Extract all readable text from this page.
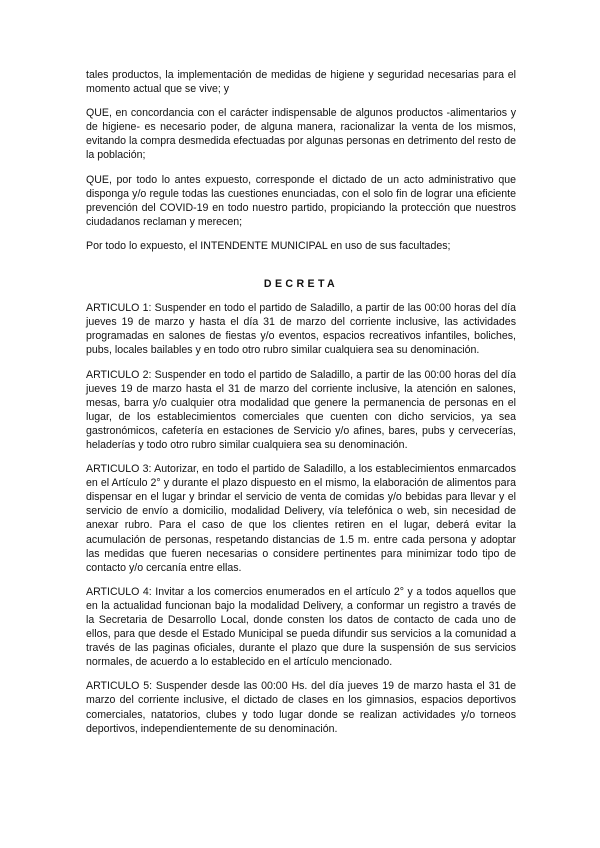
tales productos, la implementación de medidas de higiene y seguridad necesarias para el momento actual que se vive; y

QUE, en concordancia con el carácter indispensable de algunos productos -alimentarios y de higiene- es necesario poder, de alguna manera, racionalizar la venta de los mismos, evitando la compra desmedida efectuadas por algunas personas en detrimento del resto de la población;

QUE, por todo lo antes expuesto, corresponde el dictado de un acto administrativo que disponga y/o regule todas las cuestiones enunciadas, con el solo fin de lograr una eficiente prevención del COVID-19 en todo nuestro partido, propiciando la protección que nuestros ciudadanos reclaman y merecen;

Por todo lo expuesto, el INTENDENTE MUNICIPAL en uso de sus facultades;

DECRETA

ARTICULO 1: Suspender en todo el partido de Saladillo, a partir de las 00:00 horas del día jueves 19 de marzo y hasta el día 31 de marzo del corriente inclusive, las actividades programadas en salones de fiestas y/o eventos, espacios recreativos infantiles, boliches, pubs, locales bailables y en todo otro rubro similar cualquiera sea su denominación.

ARTICULO 2: Suspender en todo el partido de Saladillo, a partir de las 00:00 horas del día jueves 19 de marzo hasta el 31 de marzo del corriente inclusive, la atención en salones, mesas, barra y/o cualquier otra modalidad que genere la permanencia de personas en el lugar, de los establecimientos comerciales que cuenten con dicho servicios, ya sea gastronómicos, cafetería en estaciones de Servicio y/o afines, bares, pubs y cervecerías, heladerías y todo otro rubro similar cualquiera sea su denominación.

ARTICULO 3: Autorizar, en todo el partido de Saladillo, a los establecimientos enmarcados en el Artículo 2° y durante el plazo dispuesto en el mismo, la elaboración de alimentos para dispensar en el lugar y brindar el servicio de venta de comidas y/o bebidas para llevar y el servicio de envío a domicilio, modalidad Delivery, vía telefónica o web, sin necesidad de anexar rubro. Para el caso de que los clientes retiren en el lugar, deberá evitar la acumulación de personas, respetando distancias de 1.5 m. entre cada persona y adoptar las medidas que fueren necesarias o considere pertinentes para minimizar todo tipo de contacto y/o cercanía entre ellas.

ARTICULO 4: Invitar a los comercios enumerados en el artículo 2° y a todos aquellos que en la actualidad funcionan bajo la modalidad Delivery, a conformar un registro a través de la Secretaria de Desarrollo Local, donde consten los datos de contacto de cada uno de ellos, para que desde el Estado Municipal se pueda difundir sus servicios a la comunidad a través de las paginas oficiales, durante el plazo que dure la suspensión de sus servicios normales, de acuerdo a lo establecido en el artículo mencionado.

ARTICULO 5: Suspender desde las 00:00 Hs. del día jueves 19 de marzo hasta el 31 de marzo del corriente inclusive, el dictado de clases en los gimnasios, espacios deportivos comerciales, natatorios, clubes y todo lugar donde se realizan actividades y/o torneos deportivos, independientemente de su denominación.
